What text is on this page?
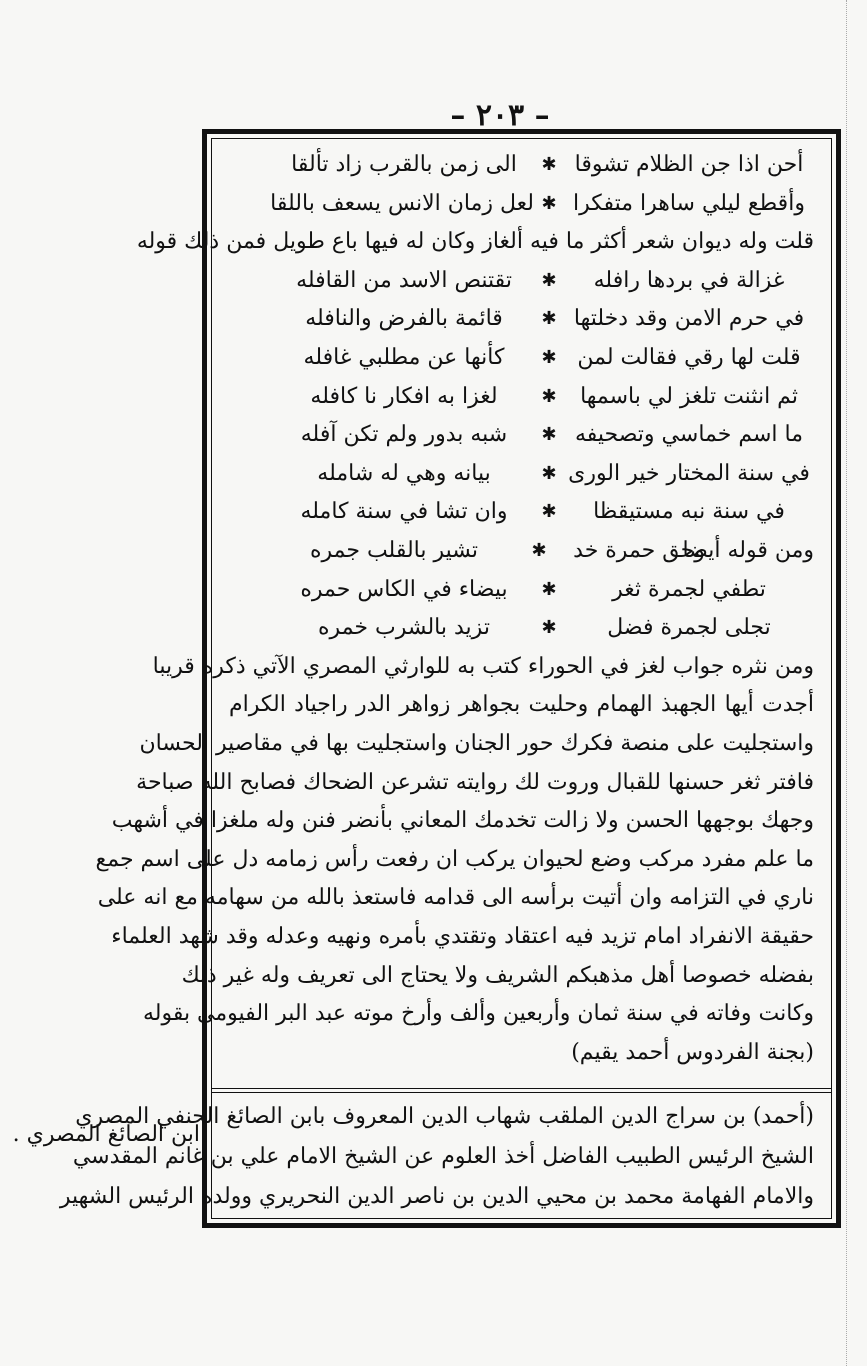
– ٢٠٣ –
أحن اذا جن الظلام تشوقا
✱
الى زمن بالقرب زاد تألقا
وأقطع ليلي ساهرا متفكرا
✱
لعل زمان الانس يسعف باللقا
قلت وله ديوان شعر أكثر ما فيه ألغاز وكان له فيها باع طويل فمن ذلك قوله
غزالة في بردها رافله
✱
تقتنص الاسد من القافله
في حرم الامن وقد دخلتها
✱
قائمة بالفرض والنافله
قلت لها رقي فقالت لمن
✱
كأنها عن مطلبي غافله
ثم انثنت تلغز لي باسمها
✱
لغزا به افكار نا كافله
ما اسم خماسي وتصحيفه
✱
شبه بدور ولم تكن آفله
في سنة المختار خير الورى
✱
بيانه وهي له شامله
في سنة نبه مستيقظا
✱
وان تشا في سنة كامله
ومن قوله أيضا
وحق حمرة خد
✱
تشير بالقلب جمره
تطفي لجمرة ثغر
✱
بيضاء في الكاس حمره
تجلى لجمرة فضل
✱
تزيد بالشرب خمره
ومن نثره جواب لغز في الحوراء كتب به للوارثي المصري الآتي ذكره قريبا
أجدت أيها الجهبذ الهمام وحليت بجواهر زواهر الدر راجياد الكرام
واستجليت على منصة فكرك حور الجنان واستجليت بها في مقاصير الحسان
فافتر ثغر حسنها للقبال وروت لك روايته تشرعن الضحاك فصابح الله صباحة
وجهك بوجهها الحسن ولا زالت تخدمك المعاني بأنضر فنن وله ملغزا في أشهب
ما علم مفرد مركب وضع لحيوان يركب ان رفعت رأس زمامه دل على اسم جمع
ناري في التزامه وان أتيت برأسه الى قدامه فاستعذ بالله من سهامه مع انه على
حقيقة الانفراد امام تزيد فيه اعتقاد وتقتدي بأمره ونهيه وعدله وقد شهد العلماء
بفضله خصوصا أهل مذهبكم الشريف ولا يحتاج الى تعريف وله غير ذلك
وكانت وفاته في سنة ثمان وأربعين وألف وأرخ موته عبد البر الفيومي بقوله
(بجنة الفردوس أحمد يقيم)
(أحمد) بن سراج الدين الملقب شهاب الدين المعروف بابن الصائغ الحنفي المصري
الشيخ الرئيس الطبيب الفاضل أخذ العلوم عن الشيخ الامام علي بن غانم المقدسي
والامام الفهامة محمد بن محيي الدين بن ناصر الدين النحريري وولده الرئيس الشهير
ابن الصائغ المصري .
